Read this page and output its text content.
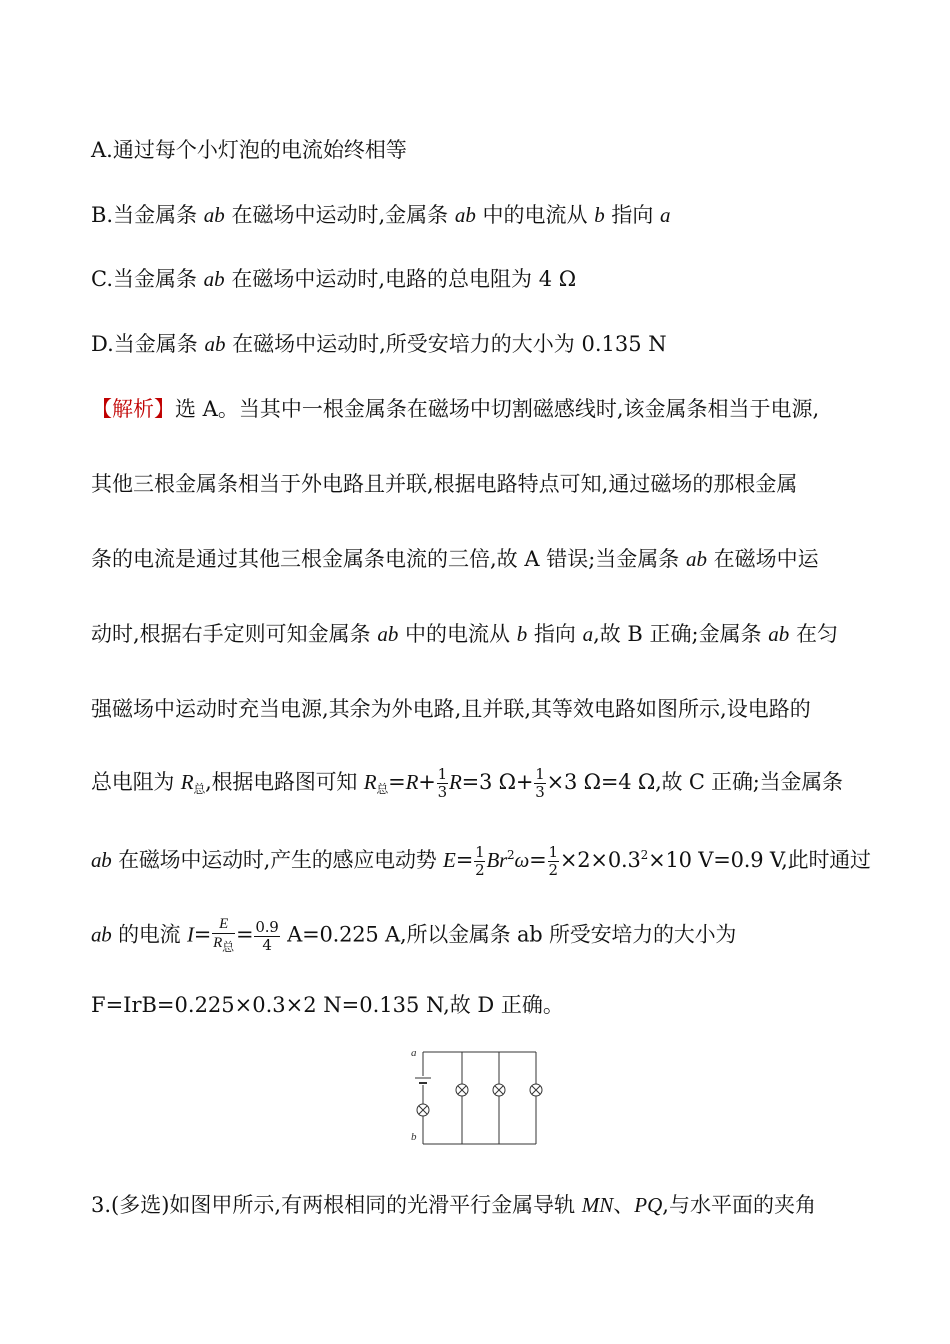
A.通过每个小灯泡的电流始终相等
B.当金属条 ab 在磁场中运动时,金属条 ab 中的电流从 b 指向 a
C.当金属条 ab 在磁场中运动时,电路的总电阻为 4 Ω
D.当金属条 ab 在磁场中运动时,所受安培力的大小为 0.135 N
【解析】选 A。当其中一根金属条在磁场中切割磁感线时,该金属条相当于电源,
其他三根金属条相当于外电路且并联,根据电路特点可知,通过磁场的那根金属
条的电流是通过其他三根金属条电流的三倍,故 A 错误;当金属条 ab 在磁场中运
动时,根据右手定则可知金属条 ab 中的电流从 b 指向 a,故 B 正确;金属条 ab 在匀
强磁场中运动时充当电源,其余为外电路,且并联,其等效电路如图所示,设电路的
总电阻为 $R_总$,根据电路图可知 $R_总=R+ \frac{1}{3} R=3$ $\Omega+ \frac{1}{3} \times 3$ Ω=4 Ω,故 C 正确;当金属条
ab 在磁场中运动时,产生的感应电动势 $E= \frac{1}{2} Br^2\omega= \frac{1}{2} \times 2\times 0.3^2\times 10$ V=0.9 V,此时通过
ab 的电流 $I= \frac{E}{R_总} = \frac{0.9}{4} A=0.225$ A,所以金属条 ab 所受安培力的大小为
F=IrB=0.225×0.3×2 N=0.135 N,故 D 正确。
a
b
3.(多选)如图甲所示,有两根相同的光滑平行金属导轨 MN、PQ,与水平面的夹角
